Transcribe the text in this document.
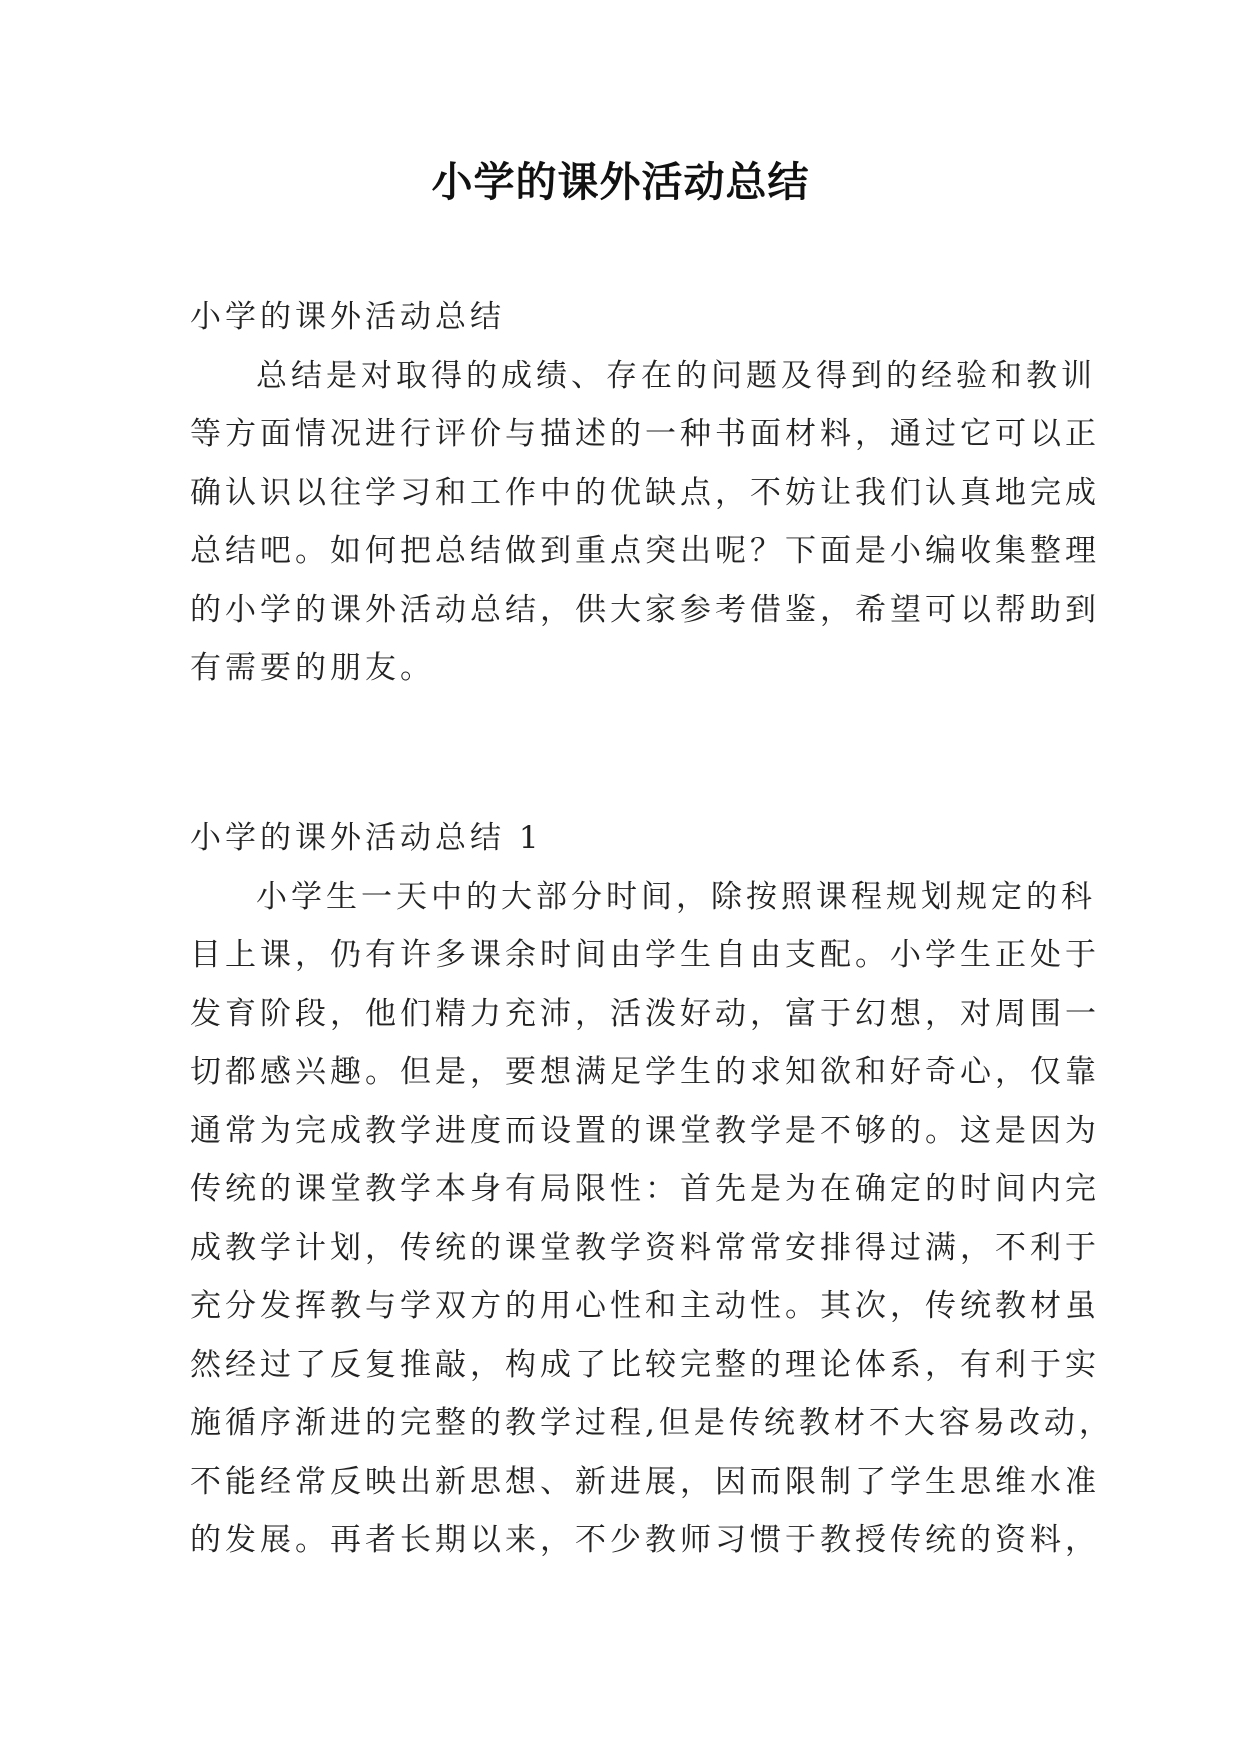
小学的课外活动总结
小学的课外活动总结
总结是对取得的成绩、存在的问题及得到的经验和教训
等方面情况进行评价与描述的一种书面材料，通过它可以正
确认识以往学习和工作中的优缺点，不妨让我们认真地完成
总结吧。如何把总结做到重点突出呢？下面是小编收集整理
的小学的课外活动总结，供大家参考借鉴，希望可以帮助到
有需要的朋友。
小学的课外活动总结 1
小学生一天中的大部分时间，除按照课程规划规定的科
目上课，仍有许多课余时间由学生自由支配。小学生正处于
发育阶段，他们精力充沛，活泼好动，富于幻想，对周围一
切都感兴趣。但是，要想满足学生的求知欲和好奇心，仅靠
通常为完成教学进度而设置的课堂教学是不够的。这是因为
传统的课堂教学本身有局限性：首先是为在确定的时间内完
成教学计划，传统的课堂教学资料常常安排得过满，不利于
充分发挥教与学双方的用心性和主动性。其次，传统教材虽
然经过了反复推敲，构成了比较完整的理论体系，有利于实
施循序渐进的完整的教学过程,但是传统教材不大容易改动，
不能经常反映出新思想、新进展，因而限制了学生思维水准
的发展。再者长期以来，不少教师习惯于教授传统的资料，
